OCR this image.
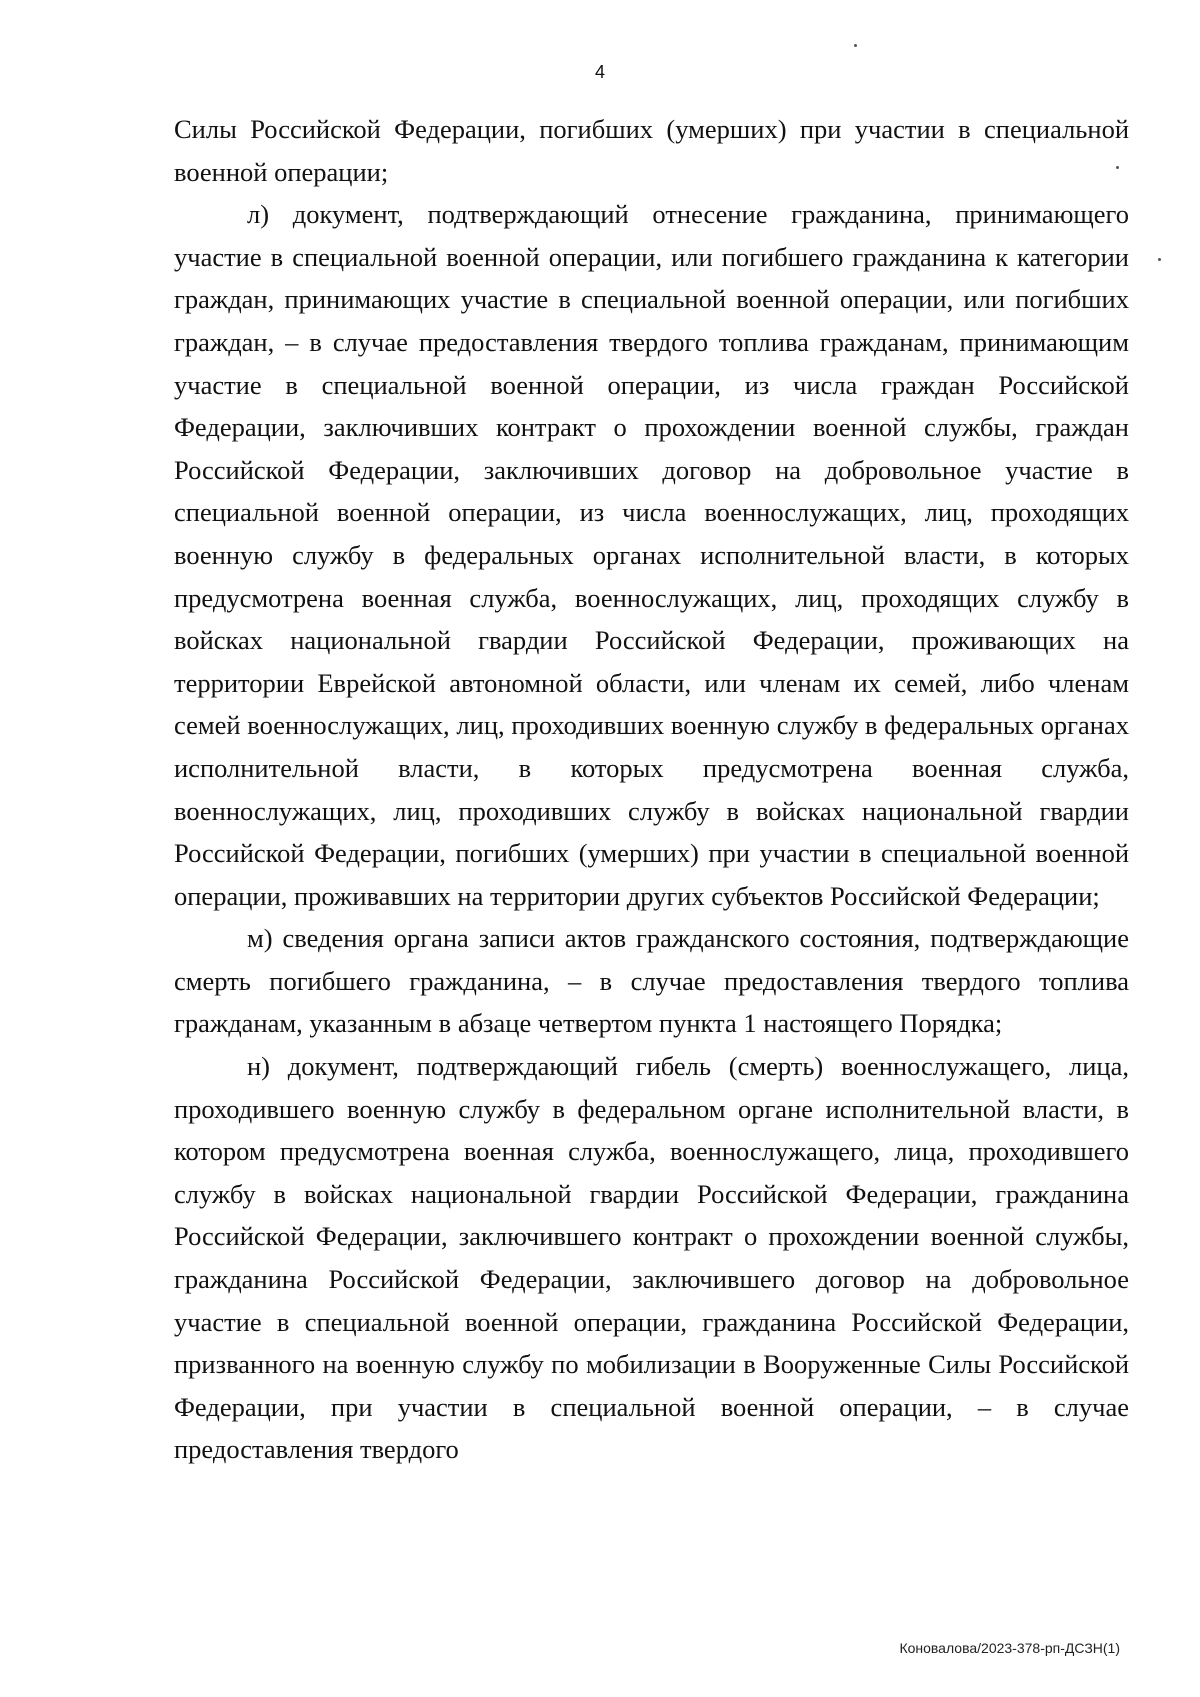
4

Силы Российской Федерации, погибших (умерших) при участии в специальной военной операции;

л) документ, подтверждающий отнесение гражданина, принимающего участие в специальной военной операции, или погибшего гражданина к категории граждан, принимающих участие в специальной военной операции, или погибших граждан, – в случае предоставления твердого топлива гражданам, принимающим участие в специальной военной операции, из числа граждан Российской Федерации, заключивших контракт о прохождении военной службы, граждан Российской Федерации, заключивших договор на добровольное участие в специальной военной операции, из числа военнослужащих, лиц, проходящих военную службу в федеральных органах исполнительной власти, в которых предусмотрена военная служба, военнослужащих, лиц, проходящих службу в войсках национальной гвардии Российской Федерации, проживающих на территории Еврейской автономной области, или членам их семей, либо членам семей военнослужащих, лиц, проходивших военную службу в федеральных органах исполнительной власти, в которых предусмотрена военная служба, военнослужащих, лиц, проходивших службу в войсках национальной гвардии Российской Федерации, погибших (умерших) при участии в специальной военной операции, проживавших на территории других субъектов Российской Федерации;

м) сведения органа записи актов гражданского состояния, подтверждающие смерть погибшего гражданина, – в случае предоставления твердого топлива гражданам, указанным в абзаце четвертом пункта 1 настоящего Порядка;

н) документ, подтверждающий гибель (смерть) военнослужащего, лица, проходившего военную службу в федеральном органе исполнительной власти, в котором предусмотрена военная служба, военнослужащего, лица, проходившего службу в войсках национальной гвардии Российской Федерации, гражданина Российской Федерации, заключившего контракт о прохождении военной службы, гражданина Российской Федерации, заключившего договор на добровольное участие в специальной военной операции, гражданина Российской Федерации, призванного на военную службу по мобилизации в Вооруженные Силы Российской Федерации, при участии в специальной военной операции, – в случае предоставления твердого

Коновалова/2023-378-рп-ДСЗН(1)
